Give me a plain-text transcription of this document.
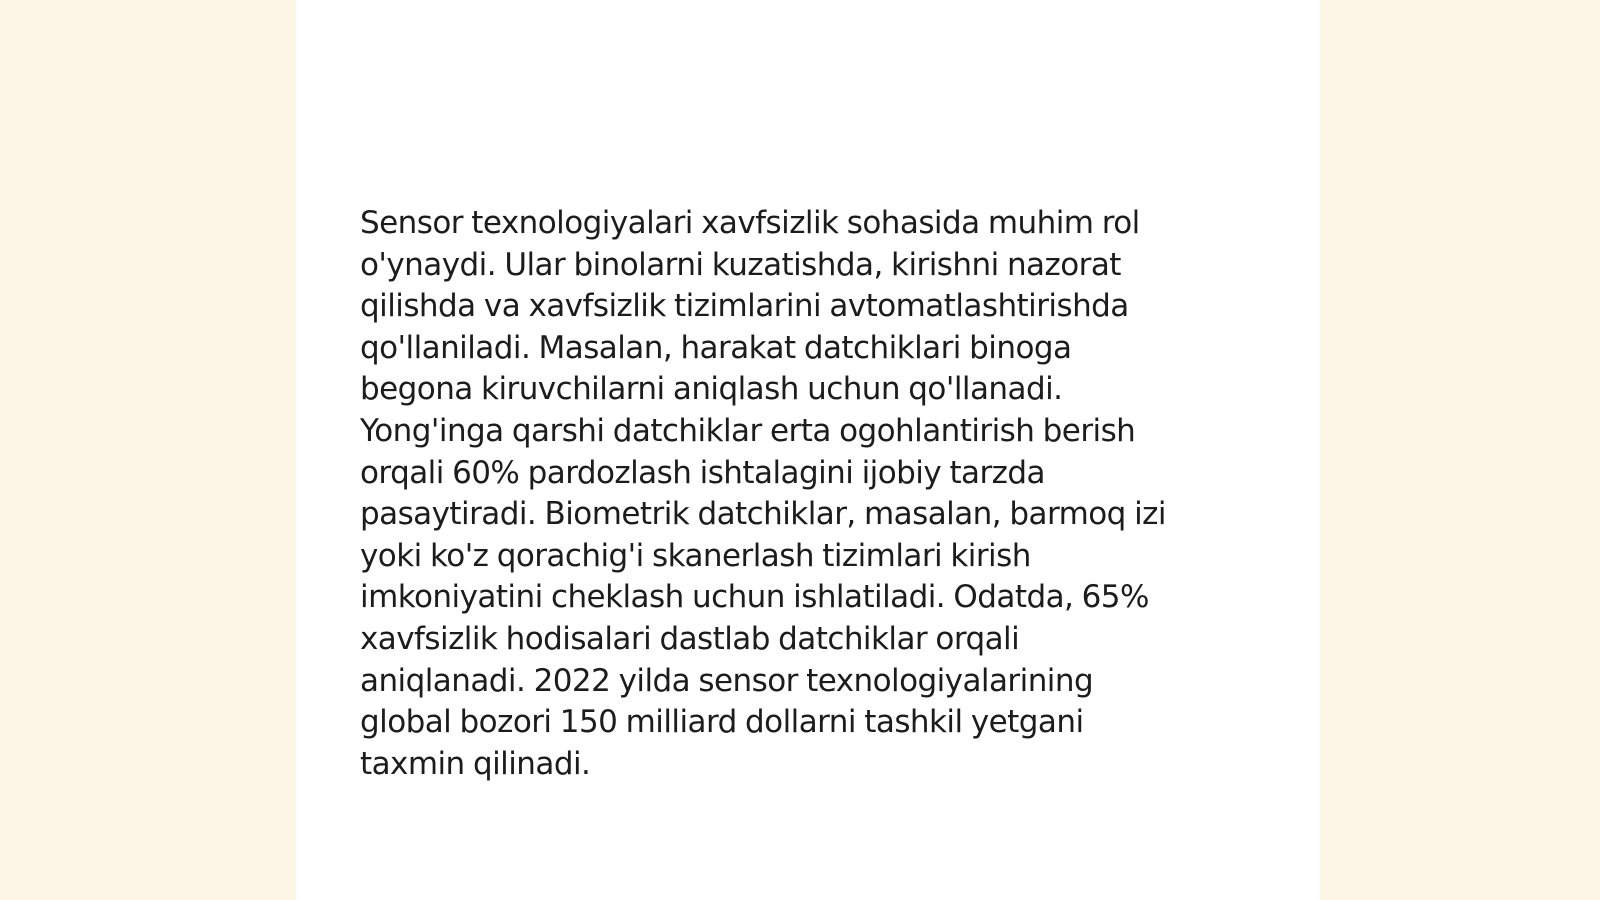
Sensor texnologiyalari xavfsizlik sohasida muhim rol
o'ynaydi. Ular binolarni kuzatishda, kirishni nazorat
qilishda va xavfsizlik tizimlarini avtomatlashtirishda
qo'llaniladi. Masalan, harakat datchiklari binoga
begona kiruvchilarni aniqlash uchun qo'llanadi.
Yong'inga qarshi datchiklar erta ogohlantirish berish
orqali 60% pardozlash ishtalagini ijobiy tarzda
pasaytiradi. Biometrik datchiklar, masalan, barmoq izi
yoki ko'z qorachig'i skanerlash tizimlari kirish
imkoniyatini cheklash uchun ishlatiladi. Odatda, 65%
xavfsizlik hodisalari dastlab datchiklar orqali
aniqlanadi. 2022 yilda sensor texnologiyalarining
global bozori 150 milliard dollarni tashkil yetgani
taxmin qilinadi.
